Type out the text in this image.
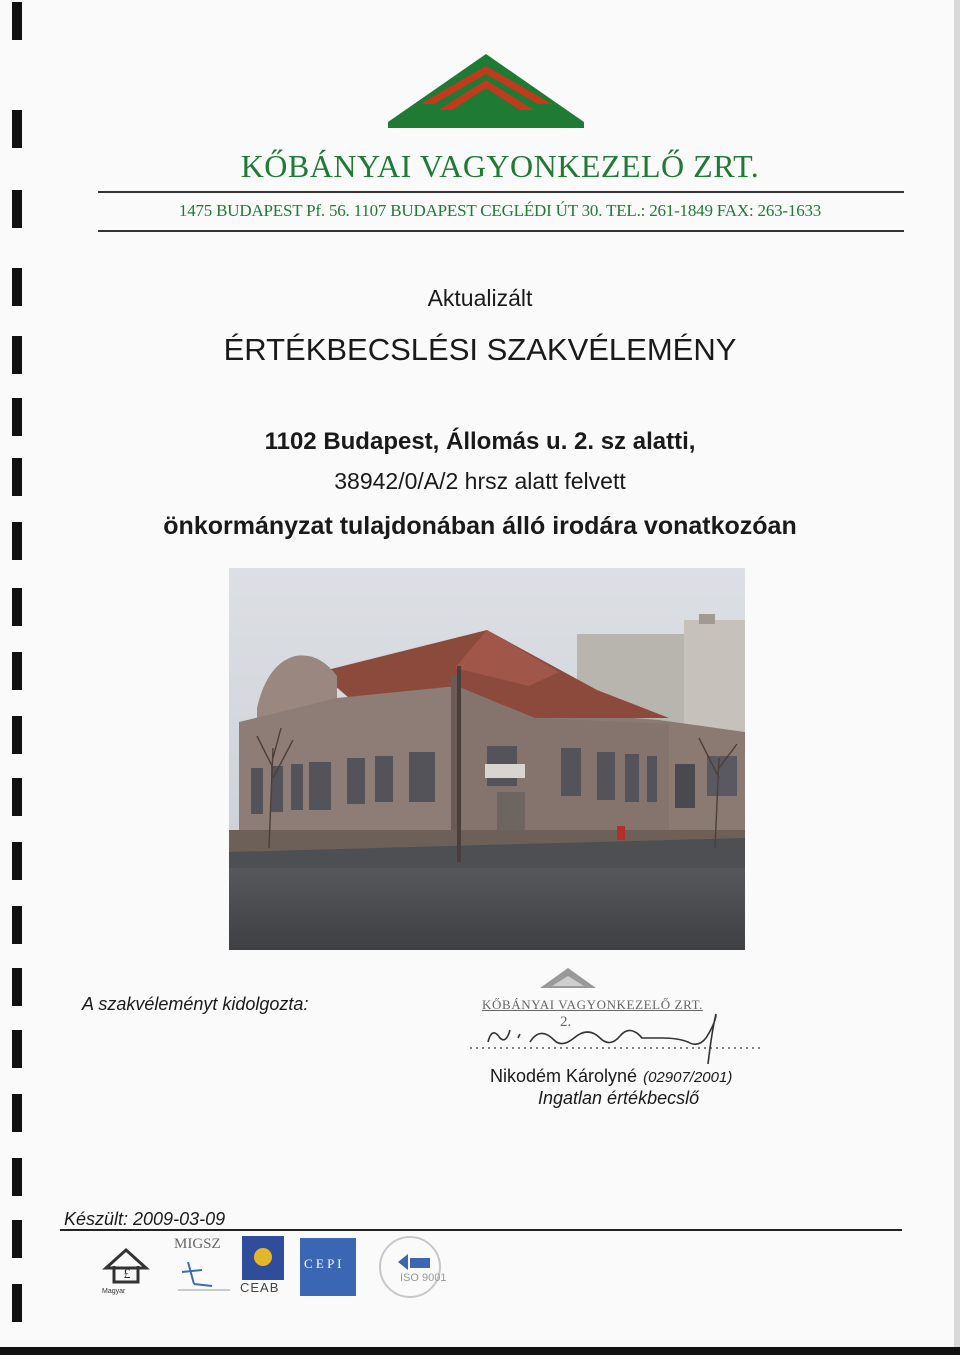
KŐBÁNYAI VAGYONKEZELŐ ZRT.
1475 BUDAPEST Pf. 56. 1107 BUDAPEST CEGLÉDI ÚT 30. TEL.: 261-1849 FAX: 263-1633
Aktualizált
ÉRTÉKBECSLÉSI SZAKVÉLEMÉNY
1102 Budapest, Állomás u. 2. sz alatti,
38942/0/A/2 hrsz alatt felvett
önkormányzat tulajdonában álló irodára vonatkozóan
A szakvéleményt kidolgozta:	KŐBÁNYAI VAGYONKEZELŐ ZRT.
2.
Nikodém Károlyné (02907/2001)
Ingatlan értékbecslő
Készült: 2009-03-09
£
Magyar
MIGSZ
CEAB
C E P I
ISO 9001
